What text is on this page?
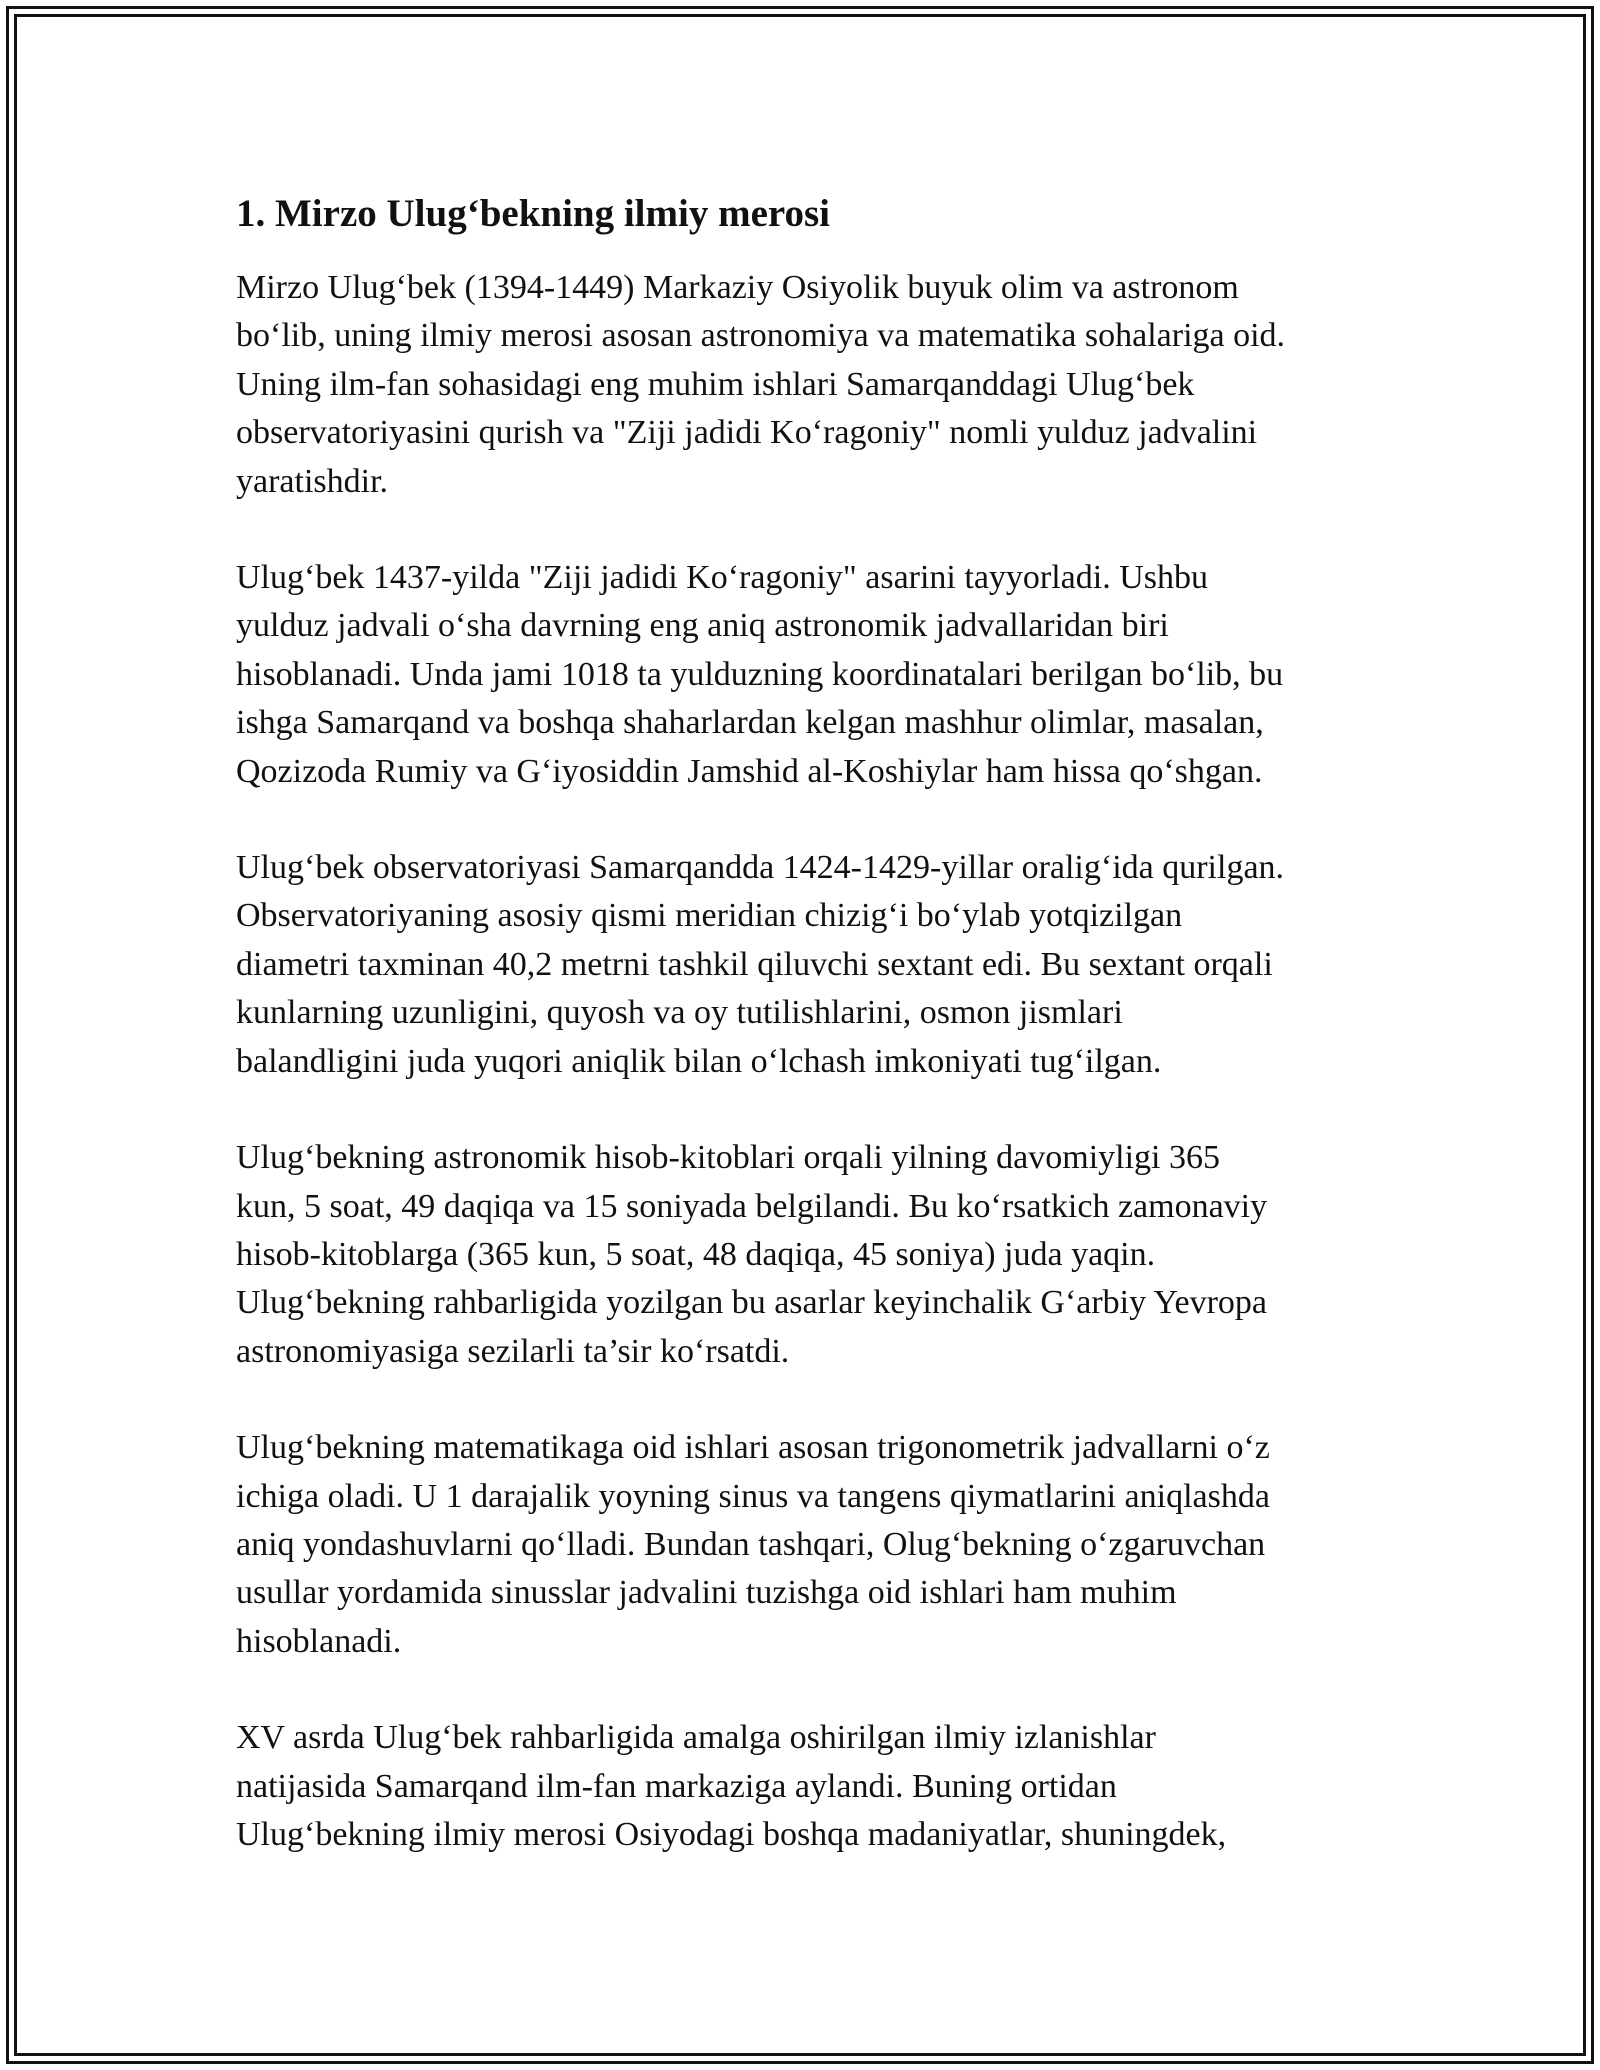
1. Mirzo Ulug‘bekning ilmiy merosi

Mirzo Ulug‘bek (1394-1449) Markaziy Osiyolik buyuk olim va astronom
bo‘lib, uning ilmiy merosi asosan astronomiya va matematika sohalariga oid.
Uning ilm-fan sohasidagi eng muhim ishlari Samarqanddagi Ulug‘bek
observatoriyasini qurish va "Ziji jadidi Ko‘ragoniy" nomli yulduz jadvalini
yaratishdir.

Ulug‘bek 1437-yilda "Ziji jadidi Ko‘ragoniy" asarini tayyorladi. Ushbu
yulduz jadvali o‘sha davrning eng aniq astronomik jadvallaridan biri
hisoblanadi. Unda jami 1018 ta yulduzning koordinatalari berilgan bo‘lib, bu
ishga Samarqand va boshqa shaharlardan kelgan mashhur olimlar, masalan,
Qozizoda Rumiy va G‘iyosiddin Jamshid al-Koshiylar ham hissa qo‘shgan.

Ulug‘bek observatoriyasi Samarqandda 1424-1429-yillar oralig‘ida qurilgan.
Observatoriyaning asosiy qismi meridian chizig‘i bo‘ylab yotqizilgan
diametri taxminan 40,2 metrni tashkil qiluvchi sextant edi. Bu sextant orqali
kunlarning uzunligini, quyosh va oy tutilishlarini, osmon jismlari
balandligini juda yuqori aniqlik bilan o‘lchash imkoniyati tug‘ilgan.

Ulug‘bekning astronomik hisob-kitoblari orqali yilning davomiyligi 365
kun, 5 soat, 49 daqiqa va 15 soniyada belgilandi. Bu ko‘rsatkich zamonaviy
hisob-kitoblarga (365 kun, 5 soat, 48 daqiqa, 45 soniya) juda yaqin.
Ulug‘bekning rahbarligida yozilgan bu asarlar keyinchalik G‘arbiy Yevropa
astronomiyasiga sezilarli ta’sir ko‘rsatdi.

Ulug‘bekning matematikaga oid ishlari asosan trigonometrik jadvallarni o‘z
ichiga oladi. U 1 darajalik yoyning sinus va tangens qiymatlarini aniqlashda
aniq yondashuvlarni qo‘lladi. Bundan tashqari, Olug‘bekning o‘zgaruvchan
usullar yordamida sinusslar jadvalini tuzishga oid ishlari ham muhim
hisoblanadi.

XV asrda Ulug‘bek rahbarligida amalga oshirilgan ilmiy izlanishlar
natijasida Samarqand ilm-fan markaziga aylandi. Buning ortidan
Ulug‘bekning ilmiy merosi Osiyodagi boshqa madaniyatlar, shuningdek,
